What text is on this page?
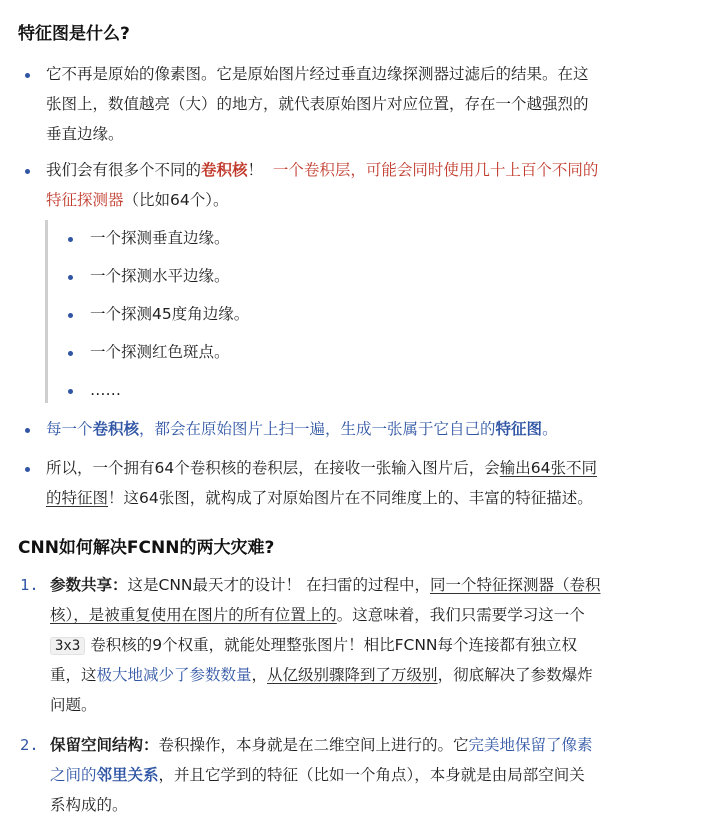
特征图是什么?
它不再是原始的像素图。它是原始图片经过垂直边缘探测器过滤后的结果。在这
张图上，数值越亮（大）的地方，就代表原始图片对应位置，存在一个越强烈的
垂直边缘。
我们会有很多个不同的卷积核！ 一个卷积层，可能会同时使用几十上百个不同的
特征探测器（比如64个）。
一个探测垂直边缘。
一个探测水平边缘。
一个探测45度角边缘。
一个探测红色斑点。
……
每一个卷积核，都会在原始图片上扫一遍，生成一张属于它自己的特征图。
所以，一个拥有64个卷积核的卷积层，在接收一张输入图片后，会输出64张不同
的特征图！这64张图，就构成了对原始图片在不同维度上的、丰富的特征描述。
CNN如何解决FCNN的两大灾难?
1. 参数共享：这是CNN最天才的设计！ 在扫雷的过程中，同一个特征探测器（卷积
核），是被重复使用在图片的所有位置上的。这意味着，我们只需要学习这一个
3x3 卷积核的9个权重，就能处理整张图片！相比FCNN每个连接都有独立权
重，这极大地减少了参数数量，从亿级别骤降到了万级别，彻底解决了参数爆炸
问题。
2. 保留空间结构：卷积操作，本身就是在二维空间上进行的。它完美地保留了像素
之间的邻里关系，并且它学到的特征（比如一个角点），本身就是由局部空间关
系构成的。
